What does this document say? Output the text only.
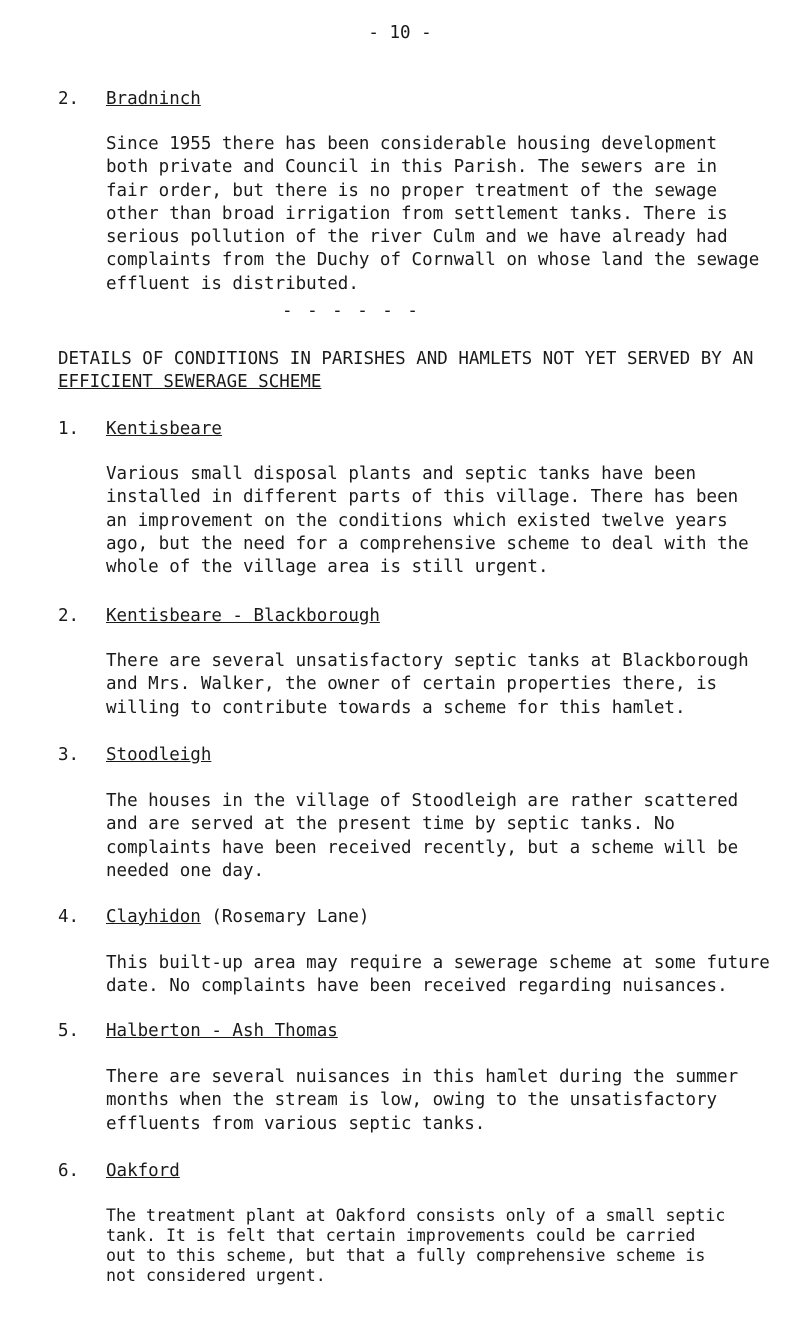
- 10 -
2. Bradninch
Since 1955 there has been considerable housing development
both private and Council in this Parish. The sewers are in
fair order, but there is no proper treatment of the sewage
other than broad irrigation from settlement tanks. There is
serious pollution of the river Culm and we have already had
complaints from the Duchy of Cornwall on whose land the sewage
effluent is distributed.
- - - - - -
DETAILS OF CONDITIONS IN PARISHES AND HAMLETS NOT YET SERVED BY AN
EFFICIENT SEWERAGE SCHEME
1. Kentisbeare
Various small disposal plants and septic tanks have been
installed in different parts of this village. There has been
an improvement on the conditions which existed twelve years
ago, but the need for a comprehensive scheme to deal with the
whole of the village area is still urgent.
2. Kentisbeare - Blackborough
There are several unsatisfactory septic tanks at Blackborough
and Mrs. Walker, the owner of certain properties there, is
willing to contribute towards a scheme for this hamlet.
3. Stoodleigh
The houses in the village of Stoodleigh are rather scattered
and are served at the present time by septic tanks. No
complaints have been received recently, but a scheme will be
needed one day.
4. Clayhidon (Rosemary Lane)
This built-up area may require a sewerage scheme at some future
date. No complaints have been received regarding nuisances.
5. Halberton - Ash Thomas
There are several nuisances in this hamlet during the summer
months when the stream is low, owing to the unsatisfactory
effluents from various septic tanks.
6. Oakford
The treatment plant at Oakford consists only of a small septic
tank. It is felt that certain improvements could be carried
out to this scheme, but that a fully comprehensive scheme is
not considered urgent.
